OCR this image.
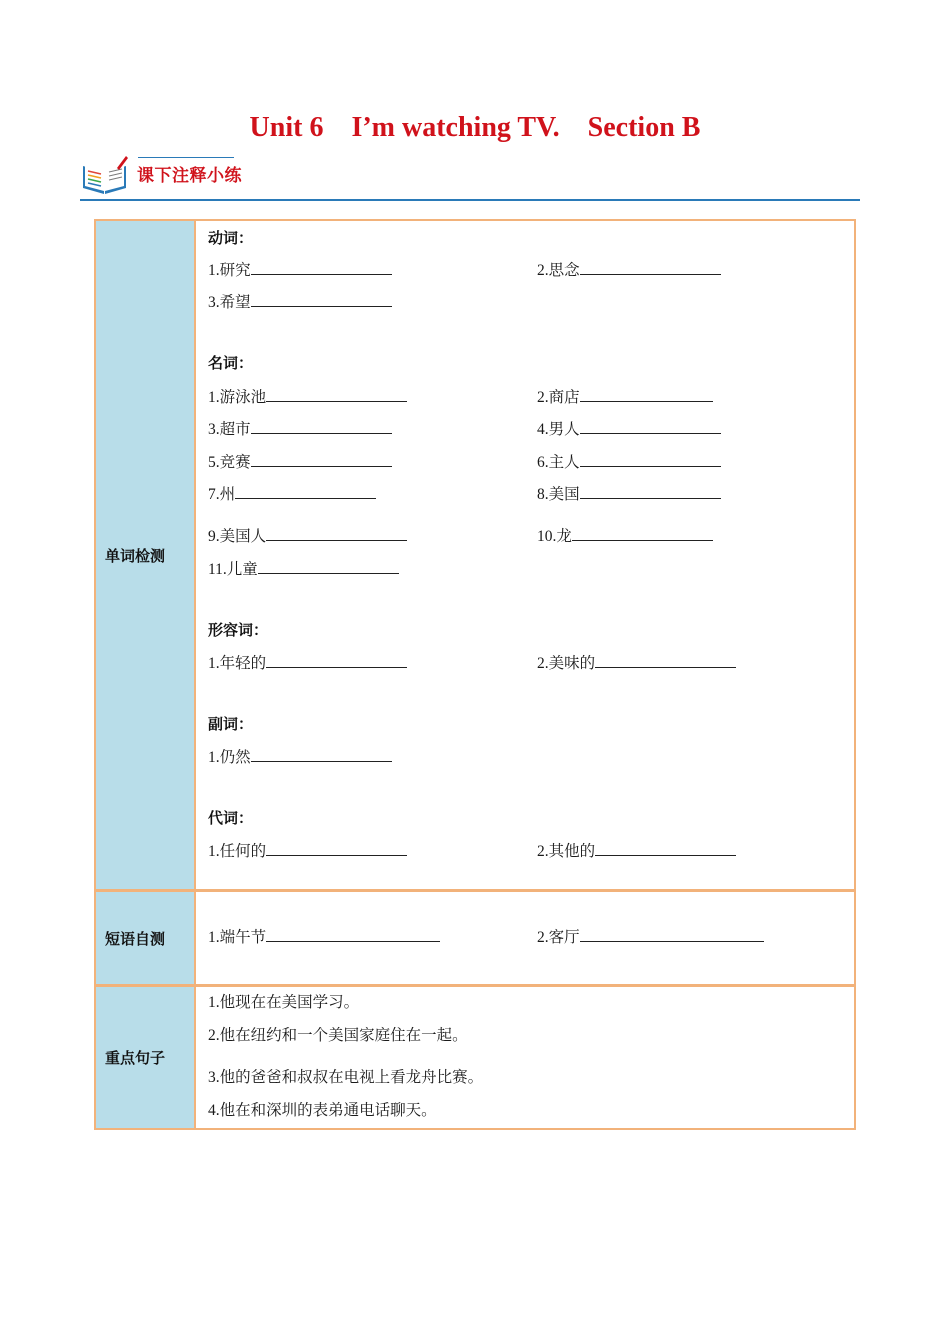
Unit 6    I’m watching TV.    Section B
课下注释小练
单词检测
动词：
1.研究	2.思念
3.希望
名词：
1.游泳池	2.商店
3.超市	4.男人
5.竞赛	6.主人
7.州	8.美国
9.美国人	10.龙
11.儿童
形容词：
1.年轻的	2.美味的
副词：
1.仍然
代词：
1.任何的	2.其他的
短语自测	1.端午节	2.客厅
重点句子
1.他现在在美国学习。
2.他在纽约和一个美国家庭住在一起。
3.他的爸爸和叔叔在电视上看龙舟比赛。
4.他在和深圳的表弟通电话聊天。
